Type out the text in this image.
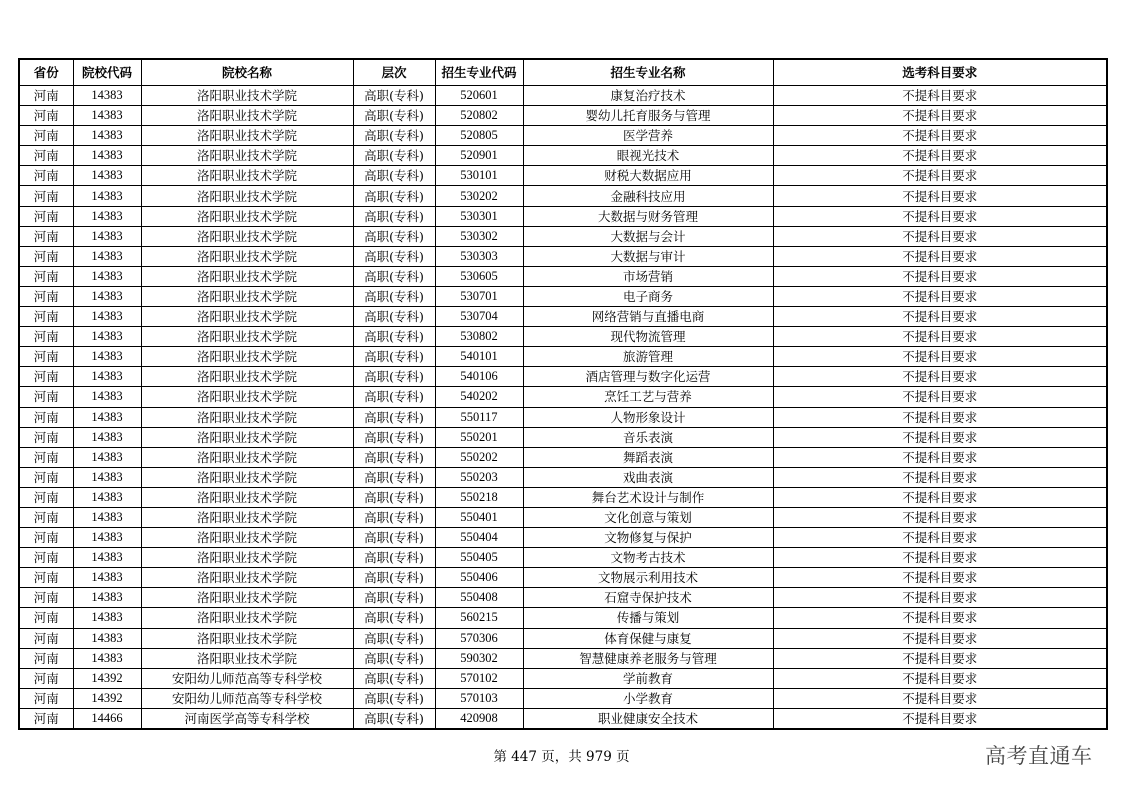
省份	院校代码	院校名称	层次	招生专业代码	招生专业名称	选考科目要求
河南	14383	洛阳职业技术学院	高职(专科)	520601	康复治疗技术	不提科目要求
河南	14383	洛阳职业技术学院	高职(专科)	520802	婴幼儿托育服务与管理	不提科目要求
河南	14383	洛阳职业技术学院	高职(专科)	520805	医学营养	不提科目要求
河南	14383	洛阳职业技术学院	高职(专科)	520901	眼视光技术	不提科目要求
河南	14383	洛阳职业技术学院	高职(专科)	530101	财税大数据应用	不提科目要求
河南	14383	洛阳职业技术学院	高职(专科)	530202	金融科技应用	不提科目要求
河南	14383	洛阳职业技术学院	高职(专科)	530301	大数据与财务管理	不提科目要求
河南	14383	洛阳职业技术学院	高职(专科)	530302	大数据与会计	不提科目要求
河南	14383	洛阳职业技术学院	高职(专科)	530303	大数据与审计	不提科目要求
河南	14383	洛阳职业技术学院	高职(专科)	530605	市场营销	不提科目要求
河南	14383	洛阳职业技术学院	高职(专科)	530701	电子商务	不提科目要求
河南	14383	洛阳职业技术学院	高职(专科)	530704	网络营销与直播电商	不提科目要求
河南	14383	洛阳职业技术学院	高职(专科)	530802	现代物流管理	不提科目要求
河南	14383	洛阳职业技术学院	高职(专科)	540101	旅游管理	不提科目要求
河南	14383	洛阳职业技术学院	高职(专科)	540106	酒店管理与数字化运营	不提科目要求
河南	14383	洛阳职业技术学院	高职(专科)	540202	烹饪工艺与营养	不提科目要求
河南	14383	洛阳职业技术学院	高职(专科)	550117	人物形象设计	不提科目要求
河南	14383	洛阳职业技术学院	高职(专科)	550201	音乐表演	不提科目要求
河南	14383	洛阳职业技术学院	高职(专科)	550202	舞蹈表演	不提科目要求
河南	14383	洛阳职业技术学院	高职(专科)	550203	戏曲表演	不提科目要求
河南	14383	洛阳职业技术学院	高职(专科)	550218	舞台艺术设计与制作	不提科目要求
河南	14383	洛阳职业技术学院	高职(专科)	550401	文化创意与策划	不提科目要求
河南	14383	洛阳职业技术学院	高职(专科)	550404	文物修复与保护	不提科目要求
河南	14383	洛阳职业技术学院	高职(专科)	550405	文物考古技术	不提科目要求
河南	14383	洛阳职业技术学院	高职(专科)	550406	文物展示利用技术	不提科目要求
河南	14383	洛阳职业技术学院	高职(专科)	550408	石窟寺保护技术	不提科目要求
河南	14383	洛阳职业技术学院	高职(专科)	560215	传播与策划	不提科目要求
河南	14383	洛阳职业技术学院	高职(专科)	570306	体育保健与康复	不提科目要求
河南	14383	洛阳职业技术学院	高职(专科)	590302	智慧健康养老服务与管理	不提科目要求
河南	14392	安阳幼儿师范高等专科学校	高职(专科)	570102	学前教育	不提科目要求
河南	14392	安阳幼儿师范高等专科学校	高职(专科)	570103	小学教育	不提科目要求
河南	14466	河南医学高等专科学校	高职(专科)	420908	职业健康安全技术	不提科目要求
第 447 页，共 979 页	高考直通车
